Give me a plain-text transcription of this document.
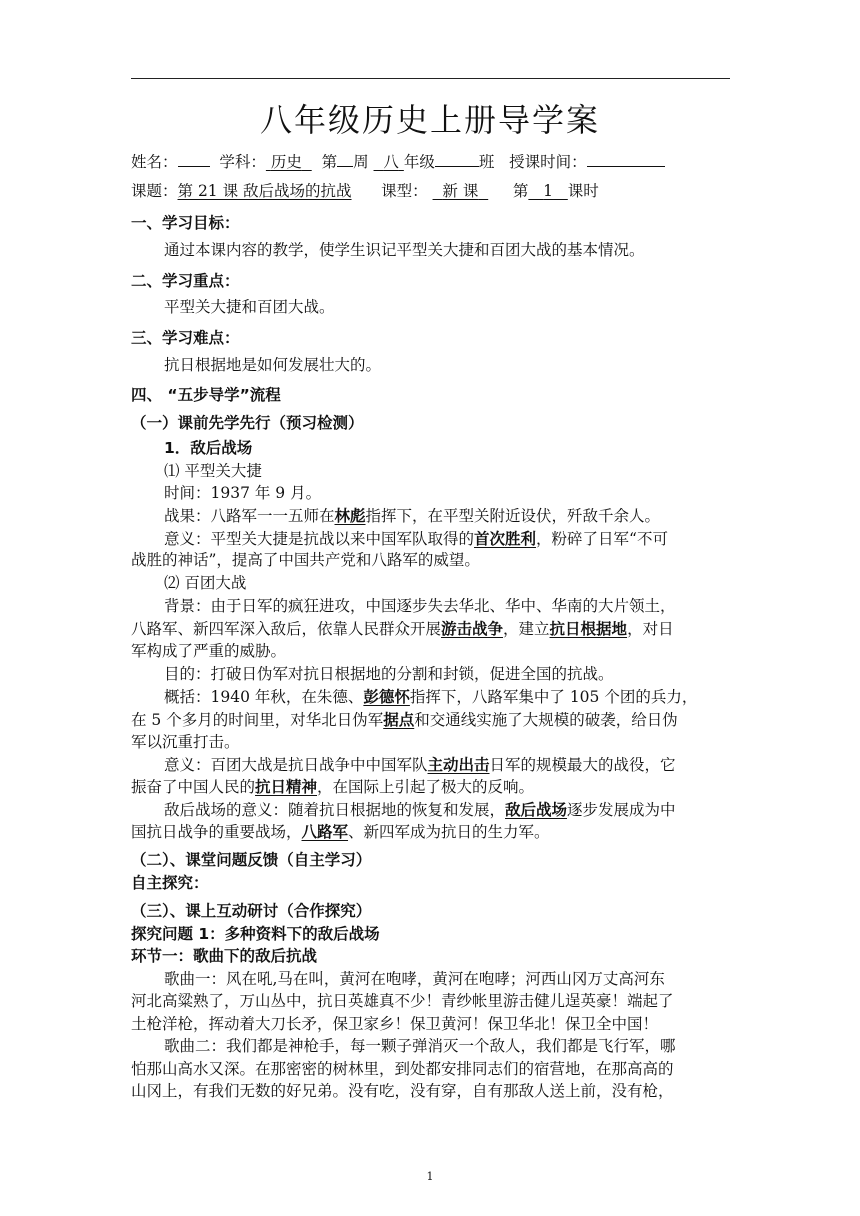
八年级历史上册导学案
姓名：	学科： 历史 第 周 八 年级	班 授课时间：
课题：第 21 课 敌后战场的抗战 课型： 新 课 第 1 课时
一、学习目标：
通过本课内容的教学，使学生识记平型关大捷和百团大战的基本情况。
二、学习重点：
平型关大捷和百团大战。
三、学习难点：
抗日根据地是如何发展壮大的。
四、 “五步导学”流程
（一）课前先学先行（预习检测）
1．敌后战场
⑴ 平型关大捷
时间：1937 年 9 月。
战果：八路军一一五师在林彪指挥下，在平型关附近设伏，歼敌千余人。
意义：平型关大捷是抗战以来中国军队取得的首次胜利，粉碎了日军“不可
战胜的神话”，提高了中国共产党和八路军的威望。
⑵ 百团大战
背景：由于日军的疯狂进攻，中国逐步失去华北、华中、华南的大片领土，
八路军、新四军深入敌后，依靠人民群众开展游击战争，建立抗日根据地，对日
军构成了严重的威胁。
目的：打破日伪军对抗日根据地的分割和封锁，促进全国的抗战。
概括：1940 年秋，在朱德、彭德怀指挥下，八路军集中了 105 个团的兵力，
在 5 个多月的时间里，对华北日伪军据点和交通线实施了大规模的破袭，给日伪
军以沉重打击。
意义：百团大战是抗日战争中中国军队主动出击日军的规模最大的战役，它
振奋了中国人民的抗日精神，在国际上引起了极大的反响。
敌后战场的意义：随着抗日根据地的恢复和发展，敌后战场逐步发展成为中
国抗日战争的重要战场，八路军、新四军成为抗日的生力军。
（二）、课堂问题反馈（自主学习）
自主探究：
（三）、课上互动研讨（合作探究）
探究问题 1：多种资料下的敌后战场
环节一：歌曲下的敌后抗战
歌曲一：风在吼,马在叫，黄河在咆哮，黄河在咆哮；河西山冈万丈高河东
河北高粱熟了，万山丛中，抗日英雄真不少！青纱帐里游击健儿逞英豪！端起了
土枪洋枪，挥动着大刀长矛，保卫家乡！保卫黄河！保卫华北！保卫全中国！
歌曲二：我们都是神枪手，每一颗子弹消灭一个敌人，我们都是飞行军，哪
怕那山高水又深。在那密密的树林里，到处都安排同志们的宿营地，在那高高的
山冈上，有我们无数的好兄弟。没有吃，没有穿，自有那敌人送上前，没有枪，
1
